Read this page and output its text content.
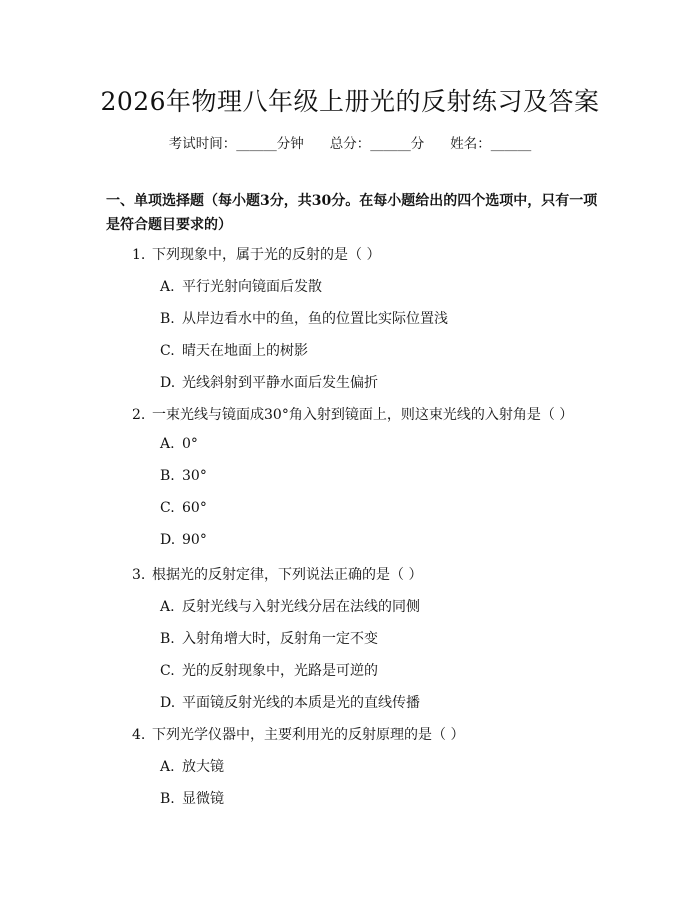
2026年物理八年级上册光的反射练习及答案
考试时间：______分钟 总分：______分 姓名：______
一、单项选择题（每小题3分，共30分。在每小题给出的四个选项中，只有一项是符合题目要求的）
1. 下列现象中，属于光的反射的是（ ）
A. 平行光射向镜面后发散
B. 从岸边看水中的鱼，鱼的位置比实际位置浅
C. 晴天在地面上的树影
D. 光线斜射到平静水面后发生偏折
2. 一束光线与镜面成30°角入射到镜面上，则这束光线的入射角是（ ）
A. 0°
B. 30°
C. 60°
D. 90°
3. 根据光的反射定律，下列说法正确的是（ ）
A. 反射光线与入射光线分居在法线的同侧
B. 入射角增大时，反射角一定不变
C. 光的反射现象中，光路是可逆的
D. 平面镜反射光线的本质是光的直线传播
4. 下列光学仪器中，主要利用光的反射原理的是（ ）
A. 放大镜
B. 显微镜
